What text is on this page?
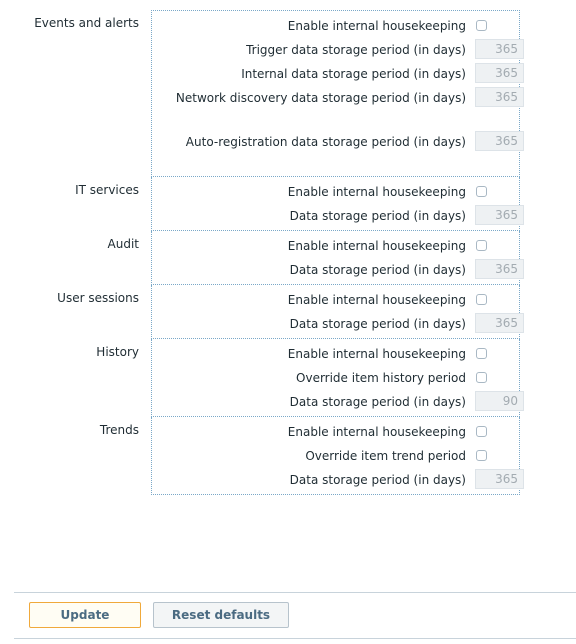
Events and alerts	Enable internal housekeeping
Trigger data storage period (in days)
365
Internal data storage period (in days)
365
Network discovery data storage period (in days)
365
Auto-registration data storage period (in days)
365
IT services	Enable internal housekeeping
Data storage period (in days)
365
Audit	Enable internal housekeeping
Data storage period (in days)
365
User sessions	Enable internal housekeeping
Data storage period (in days)
365
History	Enable internal housekeeping
Override item history period
Data storage period (in days)
90
Trends	Enable internal housekeeping
Override item trend period
Data storage period (in days)
365
Update	Reset defaults
